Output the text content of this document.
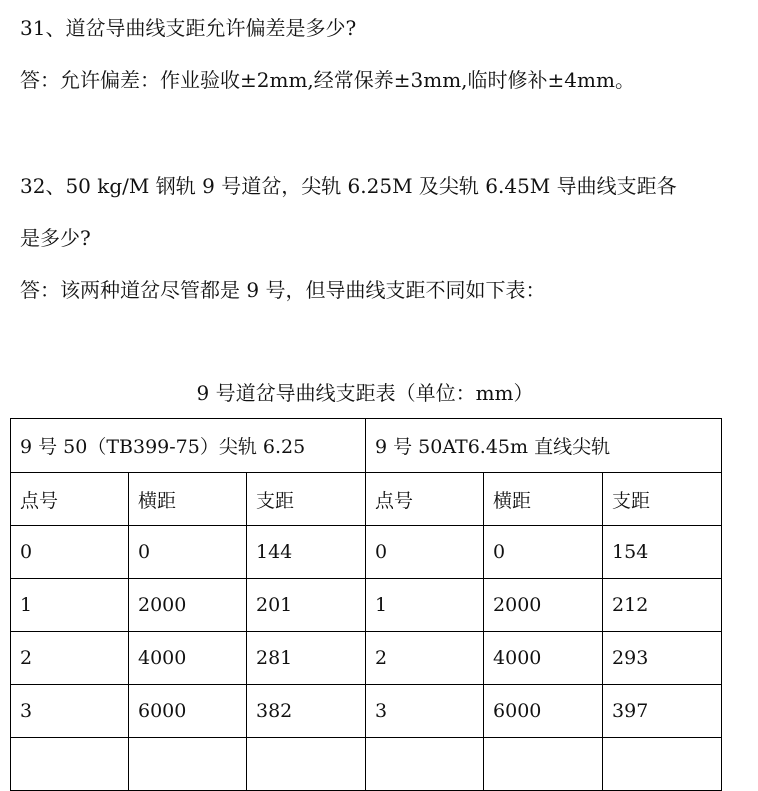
31、道岔导曲线支距允许偏差是多少?
答：允许偏差：作业验收±2mm,经常保养±3mm,临时修补±4mm。
32、50 kg/M 钢轨 9 号道岔，尖轨 6.25M 及尖轨 6.45M 导曲线支距各
是多少?
答：该两种道岔尽管都是 9 号，但导曲线支距不同如下表：
9 号道岔导曲线支距表（单位：mm）
9 号 50（TB399-75）尖轨 6.25			9 号 50AT6.45m 直线尖轨		
点号	横距	支距	点号	横距	支距
0	0	144	0	0	154
1	2000	201	1	2000	212
2	4000	281	2	4000	293
3	6000	382	3	6000	397
